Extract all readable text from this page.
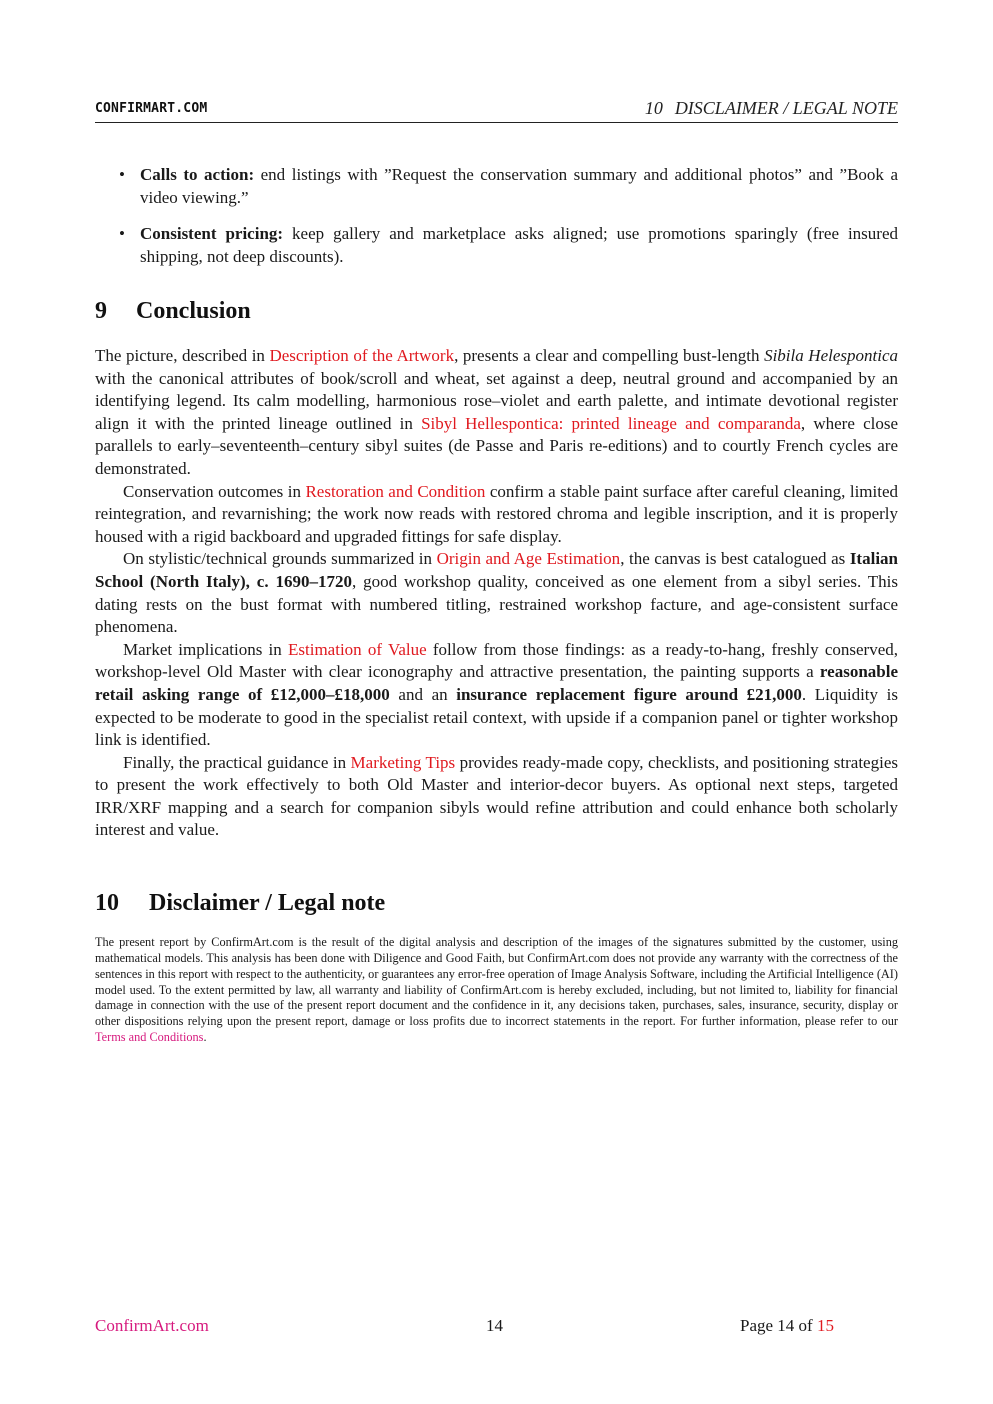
CONFIRMART.COM	10 DISCLAIMER / LEGAL NOTE
• Calls to action: end listings with ”Request the conservation summary and additional photos” and ”Book a video viewing.”
• Consistent pricing: keep gallery and marketplace asks aligned; use promotions sparingly (free insured shipping, not deep discounts).
9 Conclusion

The picture, described in Description of the Artwork, presents a clear and compelling bust-length Sibila Helespontica with the canonical attributes of book/scroll and wheat, set against a deep, neutral ground and accompanied by an identifying legend. Its calm modelling, harmonious rose–violet and earth palette, and intimate devotional register align it with the printed lineage outlined in Sibyl Hellespontica: printed lineage and comparanda, where close parallels to early–seventeenth–century sibyl suites (de Passe and Paris re-editions) and to courtly French cycles are demonstrated.

Conservation outcomes in Restoration and Condition confirm a stable paint surface after careful cleaning, limited reintegration, and revarnishing; the work now reads with restored chroma and legible inscription, and it is properly housed with a rigid backboard and upgraded fittings for safe display.

On stylistic/technical grounds summarized in Origin and Age Estimation, the canvas is best catalogued as Italian School (North Italy), c. 1690–1720, good workshop quality, conceived as one element from a sibyl series. This dating rests on the bust format with numbered titling, restrained workshop facture, and age-consistent surface phenomena.

Market implications in Estimation of Value follow from those findings: as a ready-to-hang, freshly conserved, workshop-level Old Master with clear iconography and attractive presentation, the painting supports a reasonable retail asking range of £12,000–£18,000 and an insurance replacement figure around £21,000. Liquidity is expected to be moderate to good in the specialist retail context, with upside if a companion panel or tighter workshop link is identified.

Finally, the practical guidance in Marketing Tips provides ready-made copy, checklists, and positioning strategies to present the work effectively to both Old Master and interior-decor buyers. As optional next steps, targeted IRR/XRF mapping and a search for companion sibyls would refine attribution and could enhance both scholarly interest and value.

10 Disclaimer / Legal note

The present report by ConfirmArt.com is the result of the digital analysis and description of the images of the signatures submitted by the customer, using mathematical models. This analysis has been done with Diligence and Good Faith, but ConfirmArt.com does not provide any warranty with the correctness of the sentences in this report with respect to the authenticity, or guarantees any error-free operation of Image Analysis Software, including the Artificial Intelligence (AI) model used. To the extent permitted by law, all warranty and liability of ConfirmArt.com is hereby excluded, including, but not limited to, liability for financial damage in connection with the use of the present report document and the confidence in it, any decisions taken, purchases, sales, insurance, security, display or other dispositions relying upon the present report, damage or loss profits due to incorrect statements in the report. For further information, please refer to our Terms and Conditions.

ConfirmArt.com	14	Page 14 of 15
